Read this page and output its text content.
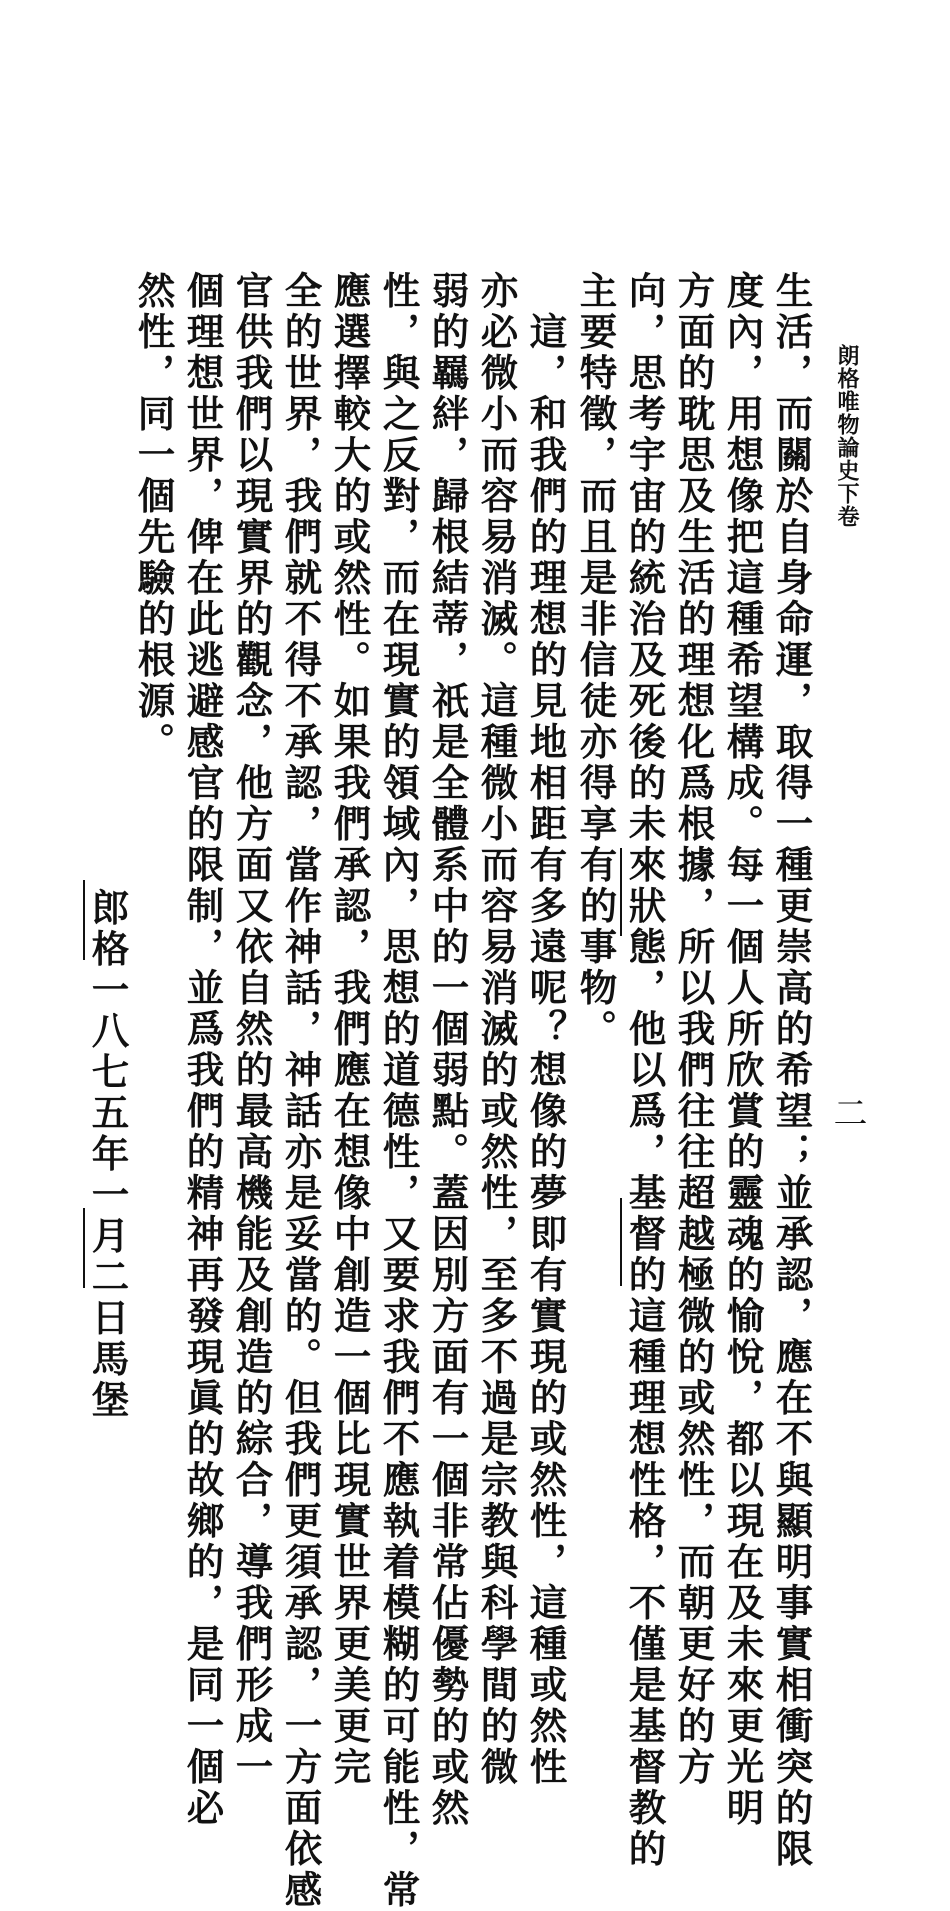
朗格唯物論史下卷
二
生活，而關於自身命運，取得一種更崇高的希望；並承認，應在不與顯明事實相衝突的限
度內，用想像把這種希望構成。每一個人所欣賞的靈魂的愉悅，都以現在及未來更光明
方面的耽思及生活的理想化爲根據，所以我們往往超越極微的或然性，而朝更好的方
向，思考宇宙的統治及死後的未來狀態，他以爲，基督的這種理想性格，不僅是基督教的
主要特徵，而且是非信徒亦得享有的事物。
這，和我們的理想的見地相距有多遠呢？想像的夢即有實現的或然性，這種或然性
亦必微小而容易消滅。這種微小而容易消滅的或然性，至多不過是宗教與科學間的微
弱的羈絆，歸根結蒂，祇是全體系中的一個弱點。蓋因別方面有一個非常佔優勢的或然
性，與之反對，而在現實的領域內，思想的道德性，又要求我們不應執着模糊的可能性，常
應選擇較大的或然性。如果我們承認，我們應在想像中創造一個比現實世界更美更完
全的世界，我們就不得不承認，當作神話，神話亦是妥當的。但我們更須承認，一方面依感
官供我們以現實界的觀念，他方面又依自然的最高機能及創造的綜合，導我們形成一
個理想世界，俾在此逃避感官的限制，並爲我們的精神再發現眞的故鄉的，是同一個必
然性，同一個先驗的根源。
郎格一八七五年一月二日馬堡
